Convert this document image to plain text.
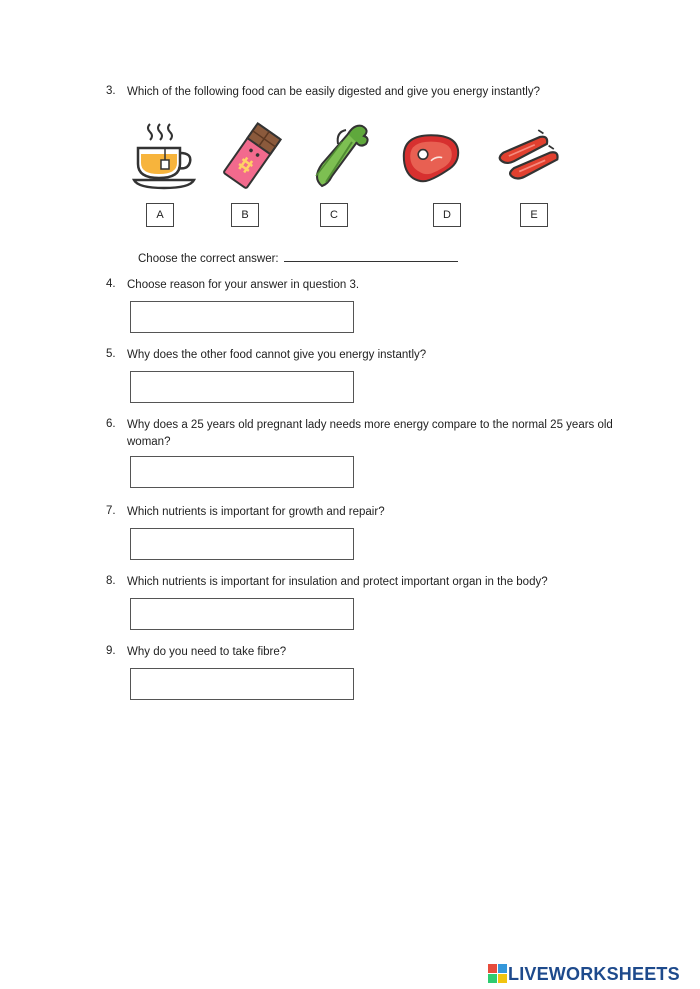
3. Which of the following food can be easily digested and give you energy instantly?
A	B	C	D	E
Choose the correct answer:
4. Choose reason for your answer in question 3.
5. Why does the other food cannot give you energy instantly?
6. Why does a 25 years old pregnant lady needs more energy compare to the normal 25 years old woman?
7. Which nutrients is important for growth and repair?
8. Which nutrients is important for insulation and protect important organ in the body?
9. Why do you need to take fibre?
LIVEWORKSHEETS
